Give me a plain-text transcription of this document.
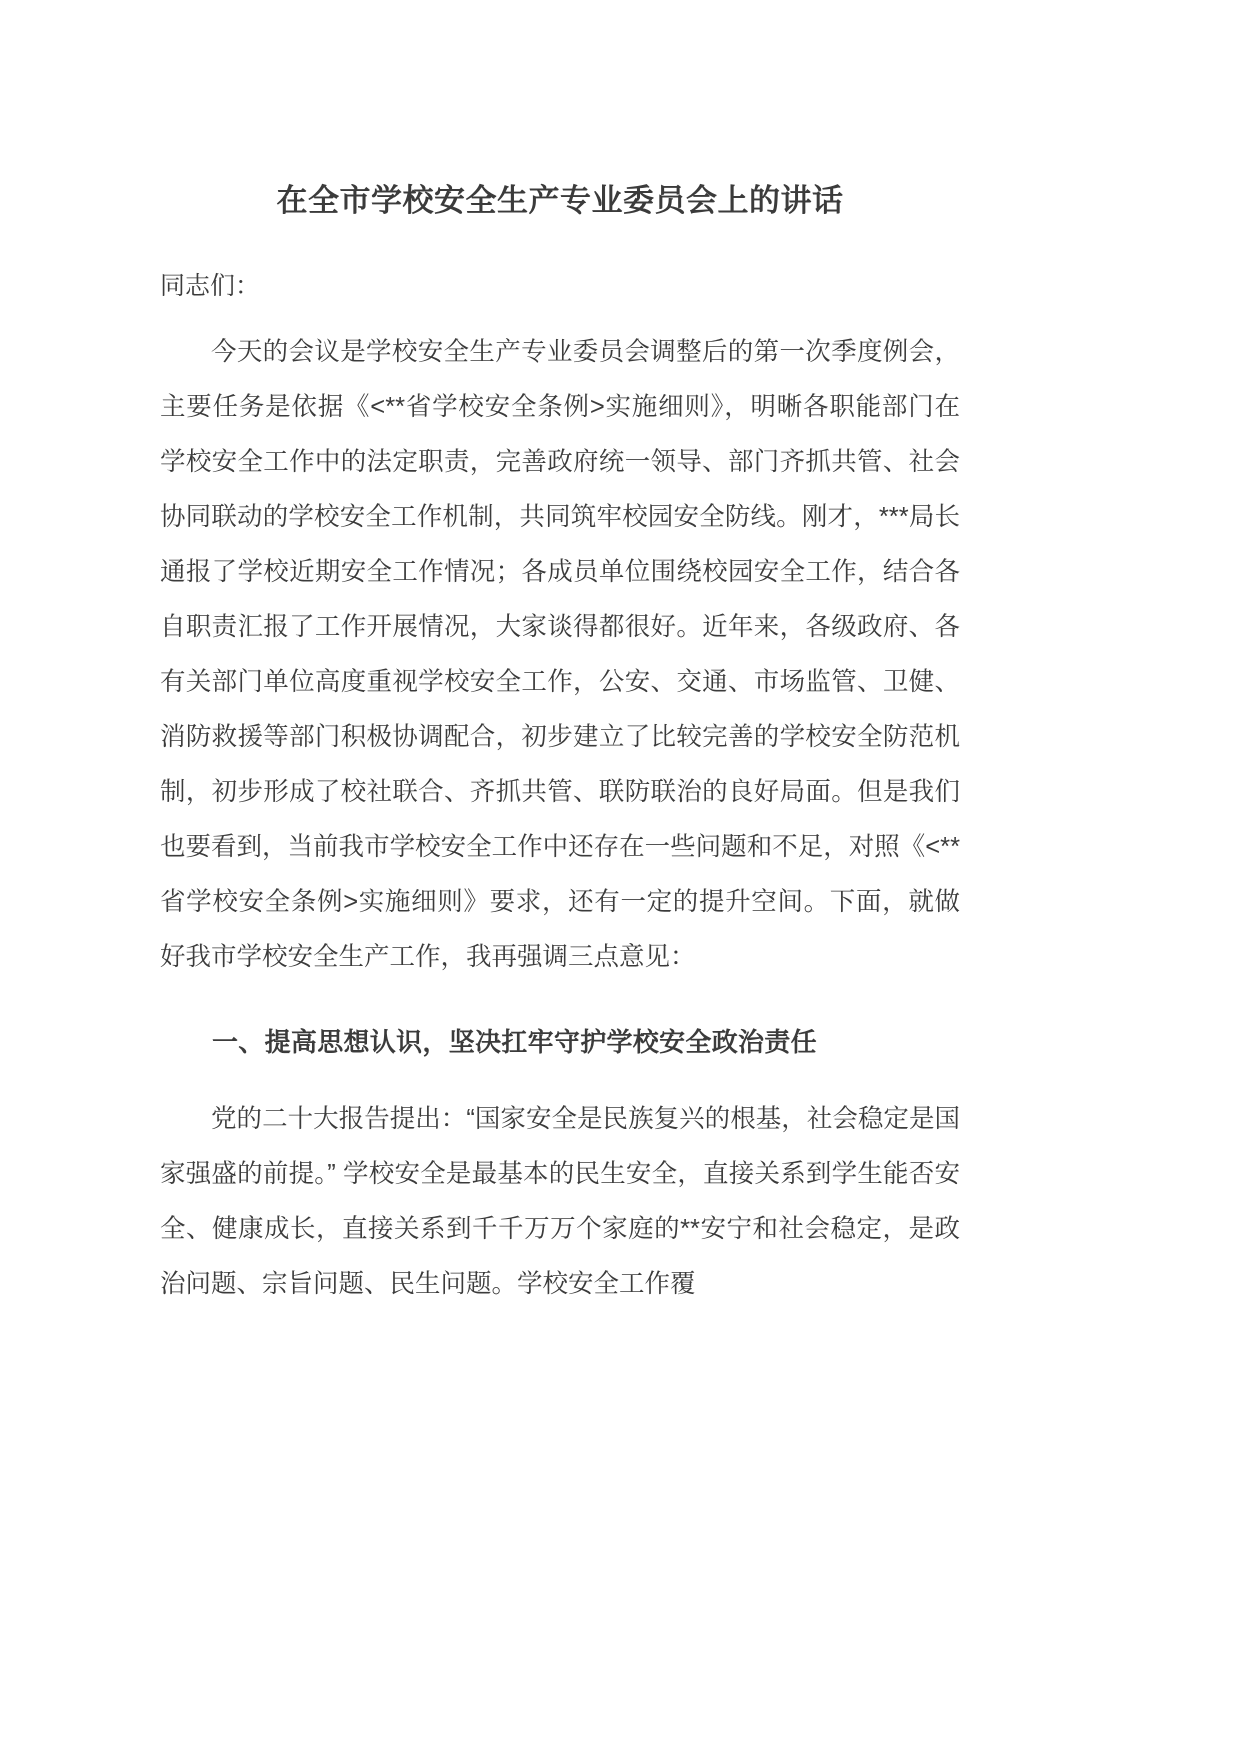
在全市学校安全生产专业委员会上的讲话

同志们：

今天的会议是学校安全生产专业委员会调整后的第一次季度例会，主要任务是依据《<**省学校安全条例>实施细则》，明晰各职能部门在学校安全工作中的法定职责，完善政府统一领导、部门齐抓共管、社会协同联动的学校安全工作机制，共同筑牢校园安全防线。刚才，***局长通报了学校近期安全工作情况；各成员单位围绕校园安全工作，结合各自职责汇报了工作开展情况，大家谈得都很好。近年来，各级政府、各有关部门单位高度重视学校安全工作，公安、交通、市场监管、卫健、消防救援等部门积极协调配合，初步建立了比较完善的学校安全防范机制，初步形成了校社联合、齐抓共管、联防联治的良好局面。但是我们也要看到，当前我市学校安全工作中还存在一些问题和不足，对照《<**省学校安全条例>实施细则》要求，还有一定的提升空间。下面，就做好我市学校安全生产工作，我再强调三点意见：

一、提高思想认识，坚决扛牢守护学校安全政治责任

党的二十大报告提出：“国家安全是民族复兴的根基，社会稳定是国家强盛的前提。” 学校安全是最基本的民生安全，直接关系到学生能否安全、健康成长，直接关系到千千万万个家庭的**安宁和社会稳定，是政治问题、宗旨问题、民生问题。学校安全工作覆
